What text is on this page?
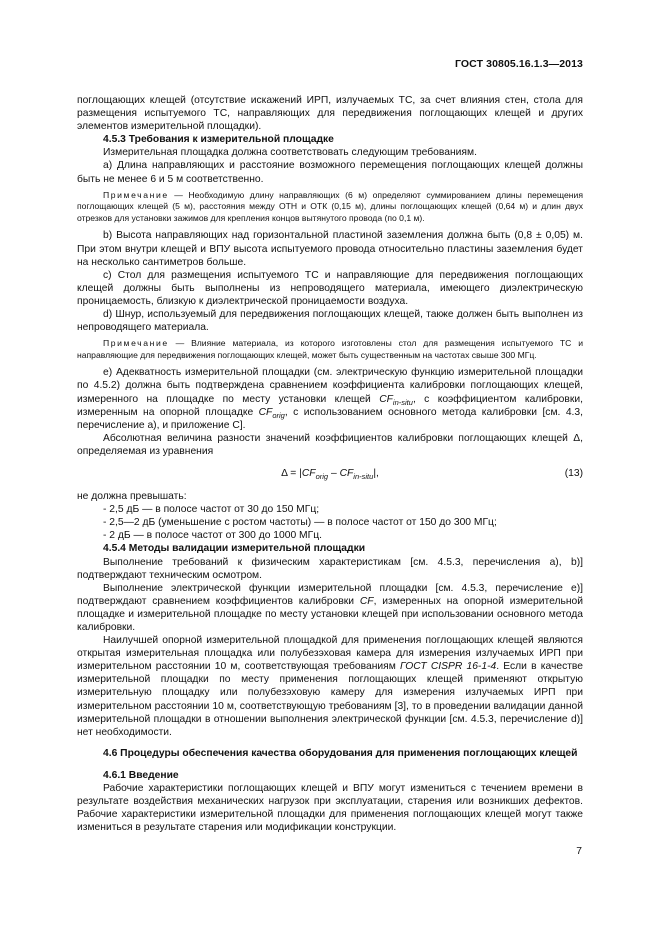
ГОСТ 30805.16.1.3—2013

поглощающих клещей (отсутствие искажений ИРП, излучаемых ТС, за счет влияния стен, стола для размещения испытуемого ТС, направляющих для передвижения поглощающих клещей и других элементов измерительной площадки).

4.5.3 Требования к измерительной площадке

Измерительная площадка должна соответствовать следующим требованиям.

а) Длина направляющих и расстояние возможного перемещения поглощающих клещей должны быть не менее 6 и 5 м соответственно.

Примечание — Необходимую длину направляющих (6 м) определяют суммированием длины перемещения поглощающих клещей (5 м), расстояния между ОТН и ОТК (0,15 м), длины поглощающих клещей (0,64 м) и длин двух отрезков для установки зажимов для крепления концов вытянутого провода (по 0,1 м).

b) Высота направляющих над горизонтальной пластиной заземления должна быть (0,8 ± 0,05) м. При этом внутри клещей и ВПУ высота испытуемого провода относительно пластины заземления будет на несколько сантиметров больше.

c) Стол для размещения испытуемого ТС и направляющие для передвижения поглощающих клещей должны быть выполнены из непроводящего материала, имеющего диэлектрическую проницаемость, близкую к диэлектрической проницаемости воздуха.

d) Шнур, используемый для передвижения поглощающих клещей, также должен быть выполнен из непроводящего материала.

Примечание — Влияние материала, из которого изготовлены стол для размещения испытуемого ТС и направляющие для передвижения поглощающих клещей, может быть существенным на частотах свыше 300 МГц.

е) Адекватность измерительной площадки (см. электрическую функцию измерительной площадки по 4.5.2) должна быть подтверждена сравнением коэффициента калибровки поглощающих клещей, измеренного на площадке по месту установки клещей $CF_{in-situ}$, с коэффициентом калибровки, измеренным на опорной площадке $CF_{orig}$, с использованием основного метода калибровки [см. 4.3, перечисление а), и приложение С].

Абсолютная величина разности значений коэффициентов калибровки поглощающих клещей Δ, определяемая из уравнения

$\Delta = |CF_{orig} - CF_{in-situ}|$,	(13)

не должна превышать:

- 2,5 дБ — в полосе частот от 30 до 150 МГц;

- 2,5—2 дБ (уменьшение с ростом частоты) — в полосе частот от 150 до 300 МГц;

- 2 дБ — в полосе частот от 300 до 1000 МГц.

4.5.4 Методы валидации измерительной площадки

Выполнение требований к физическим характеристикам [см. 4.5.3, перечисления а), b)] подтверждают техническим осмотром.

Выполнение электрической функции измерительной площадки [см. 4.5.3, перечисление е)] подтверждают сравнением коэффициентов калибровки CF, измеренных на опорной измерительной площадке и измерительной площадке по месту установки клещей при использовании основного метода калибровки.

Наилучшей опорной измерительной площадкой для применения поглощающих клещей являются открытая измерительная площадка или полубезэховая камера для измерения излучаемых ИРП при измерительном расстоянии 10 м, соответствующая требованиям ГОСТ CISPR 16-1-4. Если в качестве измерительной площадки по месту применения поглощающих клещей применяют открытую измерительную площадку или полубезэховую камеру для измерения излучаемых ИРП при измерительном расстоянии 10 м, соответствующую требованиям [3], то в проведении валидации данной измерительной площадки в отношении выполнения электрической функции [см. 4.5.3, перечисление d)] нет необходимости.

4.6 Процедуры обеспечения качества оборудования для применения поглощающих клещей

4.6.1 Введение

Рабочие характеристики поглощающих клещей и ВПУ могут измениться с течением времени в результате воздействия механических нагрузок при эксплуатации, старения или возникших дефектов. Рабочие характеристики измерительной площадки для применения поглощающих клещей могут также измениться в результате старения или модификации конструкции.

7
